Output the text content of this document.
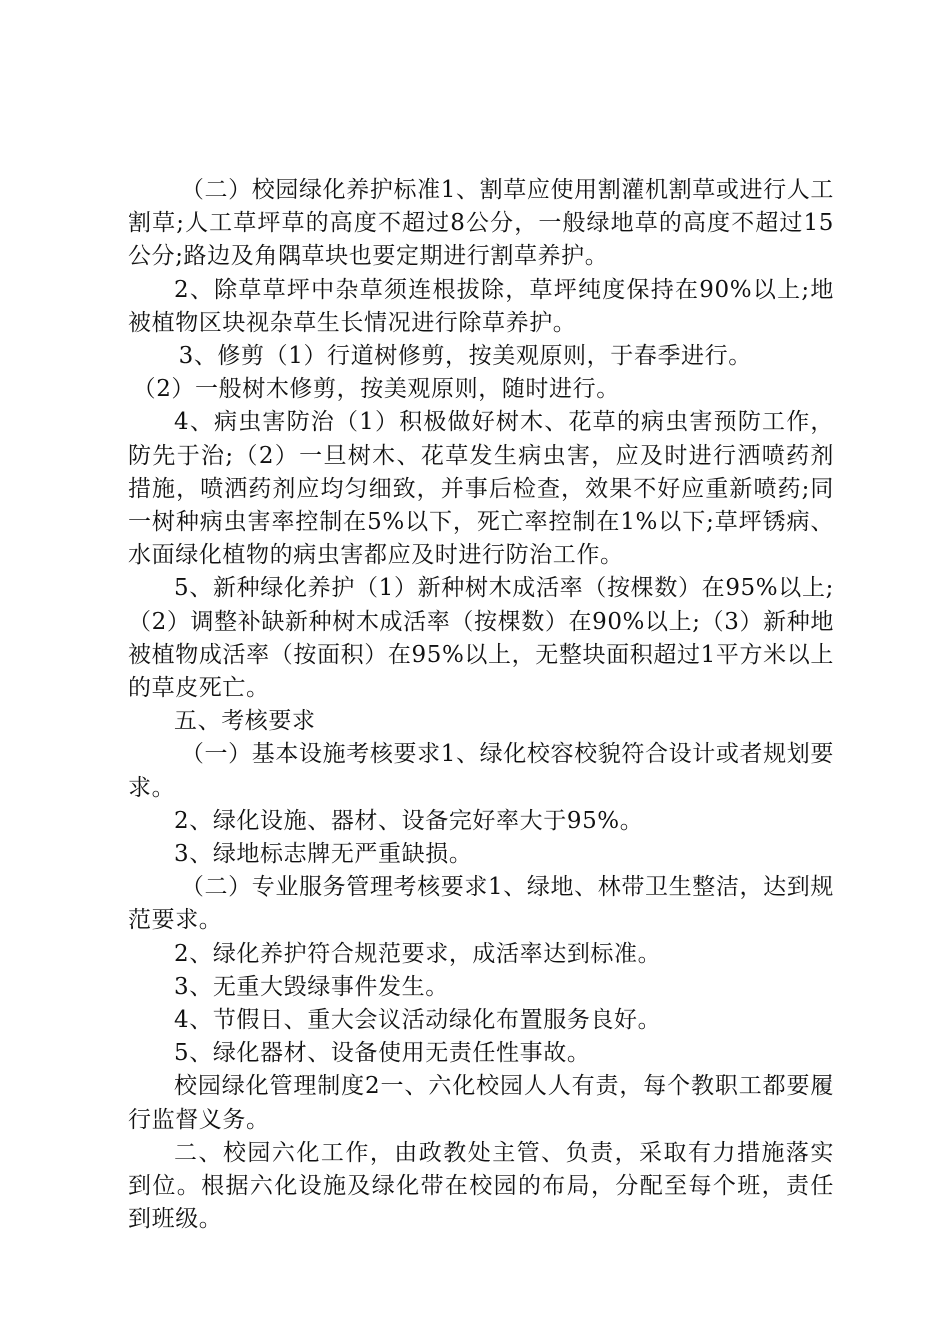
（二）校园绿化养护标准1、割草应使用割灌机割草或进行人工割草;人工草坪草的高度不超过8公分，一般绿地草的高度不超过15公分;路边及角隅草块也要定期进行割草养护。

2、除草草坪中杂草须连根拔除，草坪纯度保持在90%以上;地被植物区块视杂草生长情况进行除草养护。

3、修剪（1）行道树修剪，按美观原则，于春季进行。

（2）一般树木修剪，按美观原则，随时进行。

4、病虫害防治（1）积极做好树木、花草的病虫害预防工作，防先于治;（2）一旦树木、花草发生病虫害，应及时进行洒喷药剂措施，喷洒药剂应均匀细致，并事后检查，效果不好应重新喷药;同一树种病虫害率控制在5%以下，死亡率控制在1%以下;草坪锈病、水面绿化植物的病虫害都应及时进行防治工作。

5、新种绿化养护（1）新种树木成活率（按棵数）在95%以上;（2）调整补缺新种树木成活率（按棵数）在90%以上;（3）新种地被植物成活率（按面积）在95%以上，无整块面积超过1平方米以上的草皮死亡。

五、考核要求

（一）基本设施考核要求1、绿化校容校貌符合设计或者规划要求。

2、绿化设施、器材、设备完好率大于95%。

3、绿地标志牌无严重缺损。

（二）专业服务管理考核要求1、绿地、林带卫生整洁，达到规范要求。

2、绿化养护符合规范要求，成活率达到标准。

3、无重大毁绿事件发生。

4、节假日、重大会议活动绿化布置服务良好。

5、绿化器材、设备使用无责任性事故。

校园绿化管理制度2一、六化校园人人有责，每个教职工都要履行监督义务。

二、校园六化工作，由政教处主管、负责，采取有力措施落实到位。根据六化设施及绿化带在校园的布局，分配至每个班，责任到班级。
